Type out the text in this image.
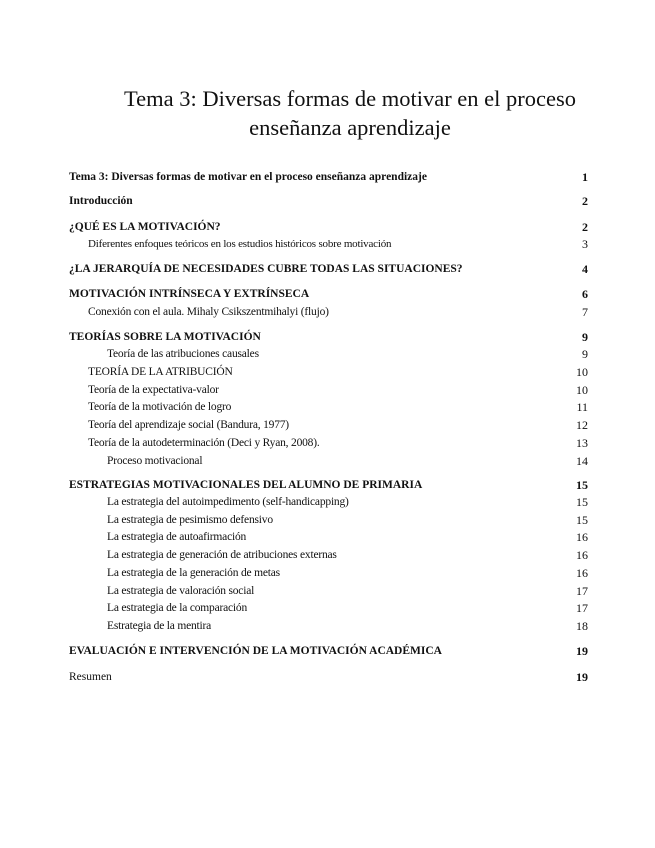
Tema 3: Diversas formas de motivar en el proceso
enseñanza aprendizaje
Tema 3: Diversas formas de motivar en el proceso enseñanza aprendizaje	1
Introducción	2
¿QUÉ ES LA MOTIVACIÓN?	2
Diferentes enfoques teóricos en los estudios históricos sobre motivación	3
¿LA JERARQUÍA DE NECESIDADES CUBRE TODAS LAS SITUACIONES?	4
MOTIVACIÓN INTRÍNSECA Y EXTRÍNSECA	6
Conexión con el aula. Mihaly Csikszentmihalyi (flujo)	7
TEORÍAS SOBRE LA MOTIVACIÓN	9
Teoría de las atribuciones causales	9
TEORÍA DE LA ATRIBUCIÓN	10
Teoría de la expectativa-valor	10
Teoría de la motivación de logro	11
Teoría del aprendizaje social (Bandura, 1977)	12
Teoría de la autodeterminación (Deci y Ryan, 2008).	13
Proceso motivacional	14
ESTRATEGIAS MOTIVACIONALES DEL ALUMNO DE PRIMARIA	15
La estrategia del autoimpedimento (self-handicapping)	15
La estrategia de pesimismo defensivo	15
La estrategia de autoafirmación	16
La estrategia de generación de atribuciones externas	16
La estrategia de la generación de metas	16
La estrategia de valoración social	17
La estrategia de la comparación	17
Estrategia de la mentira	18
EVALUACIÓN E INTERVENCIÓN DE LA MOTIVACIÓN ACADÉMICA	19
Resumen	19
